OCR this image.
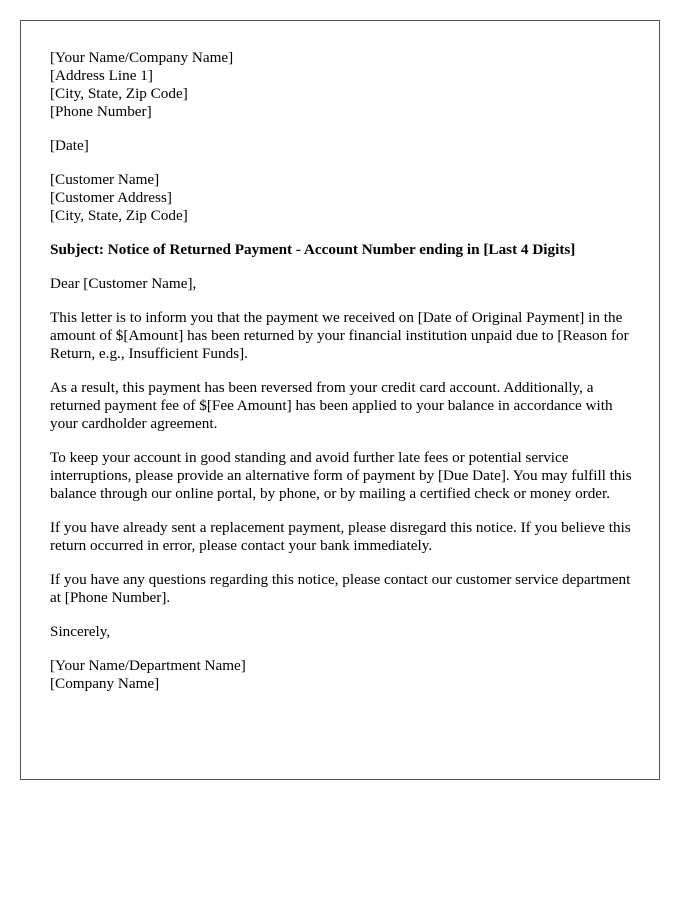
[Your Name/Company Name]
[Address Line 1]
[City, State, Zip Code]
[Phone Number]
[Date]
[Customer Name]
[Customer Address]
[City, State, Zip Code]
Subject: Notice of Returned Payment - Account Number ending in [Last 4 Digits]
Dear [Customer Name],
This letter is to inform you that the payment we received on [Date of Original Payment] in the amount of $[Amount] has been returned by your financial institution unpaid due to [Reason for Return, e.g., Insufficient Funds].
As a result, this payment has been reversed from your credit card account. Additionally, a returned payment fee of $[Fee Amount] has been applied to your balance in accordance with your cardholder agreement.
To keep your account in good standing and avoid further late fees or potential service interruptions, please provide an alternative form of payment by [Due Date]. You may fulfill this balance through our online portal, by phone, or by mailing a certified check or money order.
If you have already sent a replacement payment, please disregard this notice. If you believe this return occurred in error, please contact your bank immediately.
If you have any questions regarding this notice, please contact our customer service department at [Phone Number].
Sincerely,
[Your Name/Department Name]
[Company Name]
